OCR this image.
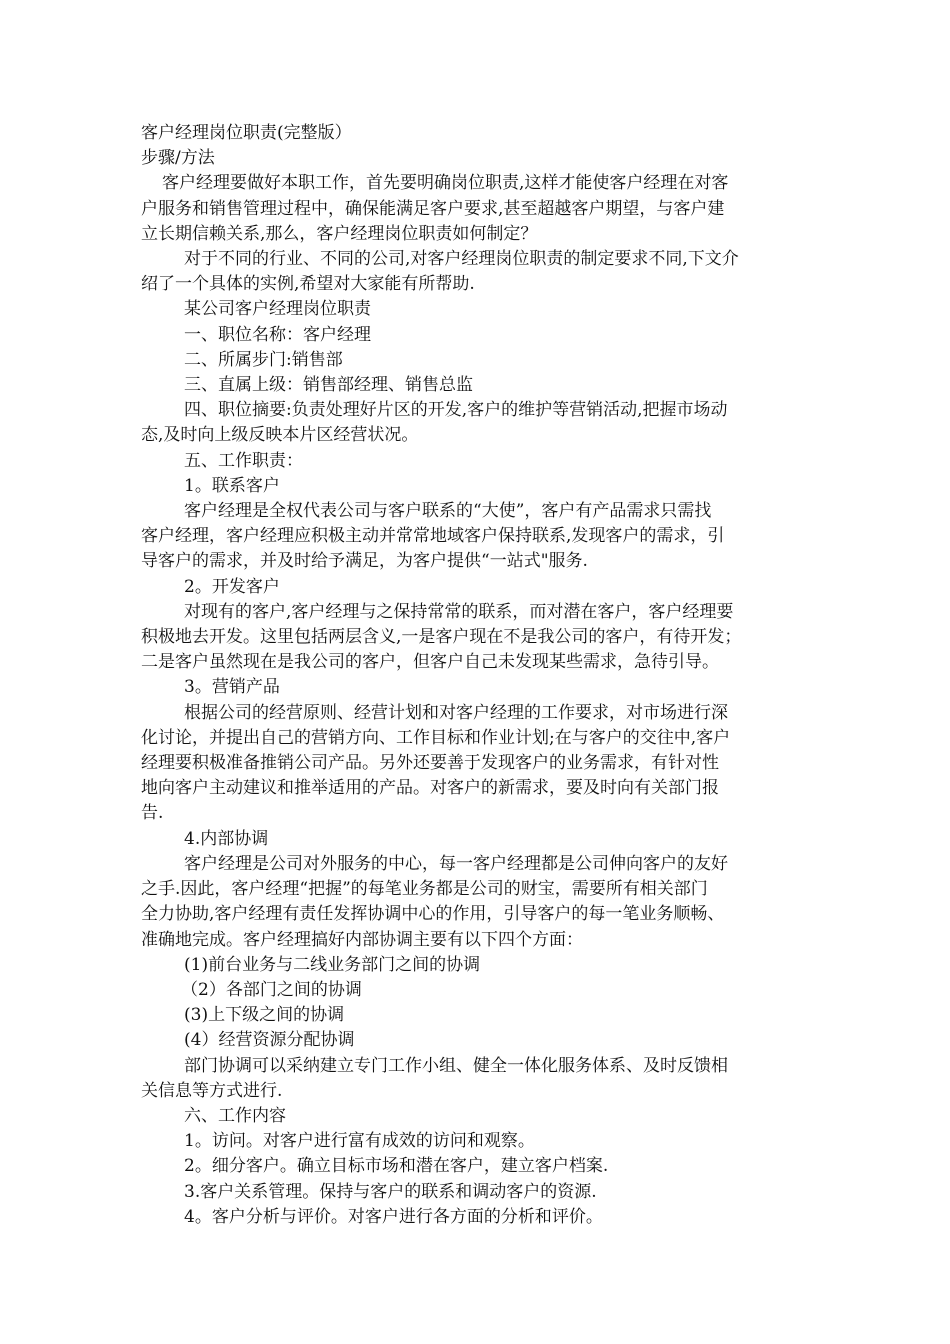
客户经理岗位职责(完整版）

步骤/方法

客户经理要做好本职工作，首先要明确岗位职责,这样才能使客户经理在对客

户服务和销售管理过程中，确保能满足客户要求,甚至超越客户期望，与客户建

立长期信赖关系,那么，客户经理岗位职责如何制定？

对于不同的行业、不同的公司,对客户经理岗位职责的制定要求不同,下文介

绍了一个具体的实例,希望对大家能有所帮助.

某公司客户经理岗位职责

一、职位名称：客户经理

二、所属步门:销售部

三、直属上级：销售部经理、销售总监

四、职位摘要:负责处理好片区的开发,客户的维护等营销活动,把握市场动

态,及时向上级反映本片区经营状况。

五、工作职责：

1。联系客户

客户经理是全权代表公司与客户联系的“大使”，客户有产品需求只需找

客户经理，客户经理应积极主动并常常地域客户保持联系,发现客户的需求，引

导客户的需求，并及时给予满足，为客户提供“一站式"服务.

2。开发客户

对现有的客户,客户经理与之保持常常的联系，而对潜在客户，客户经理要

积极地去开发。这里包括两层含义,一是客户现在不是我公司的客户，有待开发；

二是客户虽然现在是我公司的客户，但客户自己未发现某些需求，急待引导。

3。营销产品

根据公司的经营原则、经营计划和对客户经理的工作要求，对市场进行深

化讨论，并提出自己的营销方向、工作目标和作业计划;在与客户的交往中,客户

经理要积极准备推销公司产品。另外还要善于发现客户的业务需求，有针对性

地向客户主动建议和推举适用的产品。对客户的新需求，要及时向有关部门报

告.

4.内部协调

客户经理是公司对外服务的中心，每一客户经理都是公司伸向客户的友好

之手.因此，客户经理“把握”的每笔业务都是公司的财宝，需要所有相关部门

全力协助,客户经理有责任发挥协调中心的作用，引导客户的每一笔业务顺畅、

准确地完成。客户经理搞好内部协调主要有以下四个方面：

(1)前台业务与二线业务部门之间的协调

（2）各部门之间的协调

(3)上下级之间的协调

(4）经营资源分配协调

部门协调可以采纳建立专门工作小组、健全一体化服务体系、及时反馈相

关信息等方式进行.

六、工作内容

1。访问。对客户进行富有成效的访问和观察。

2。细分客户。确立目标市场和潜在客户，建立客户档案.

3.客户关系管理。保持与客户的联系和调动客户的资源.

4。客户分析与评价。对客户进行各方面的分析和评价。
